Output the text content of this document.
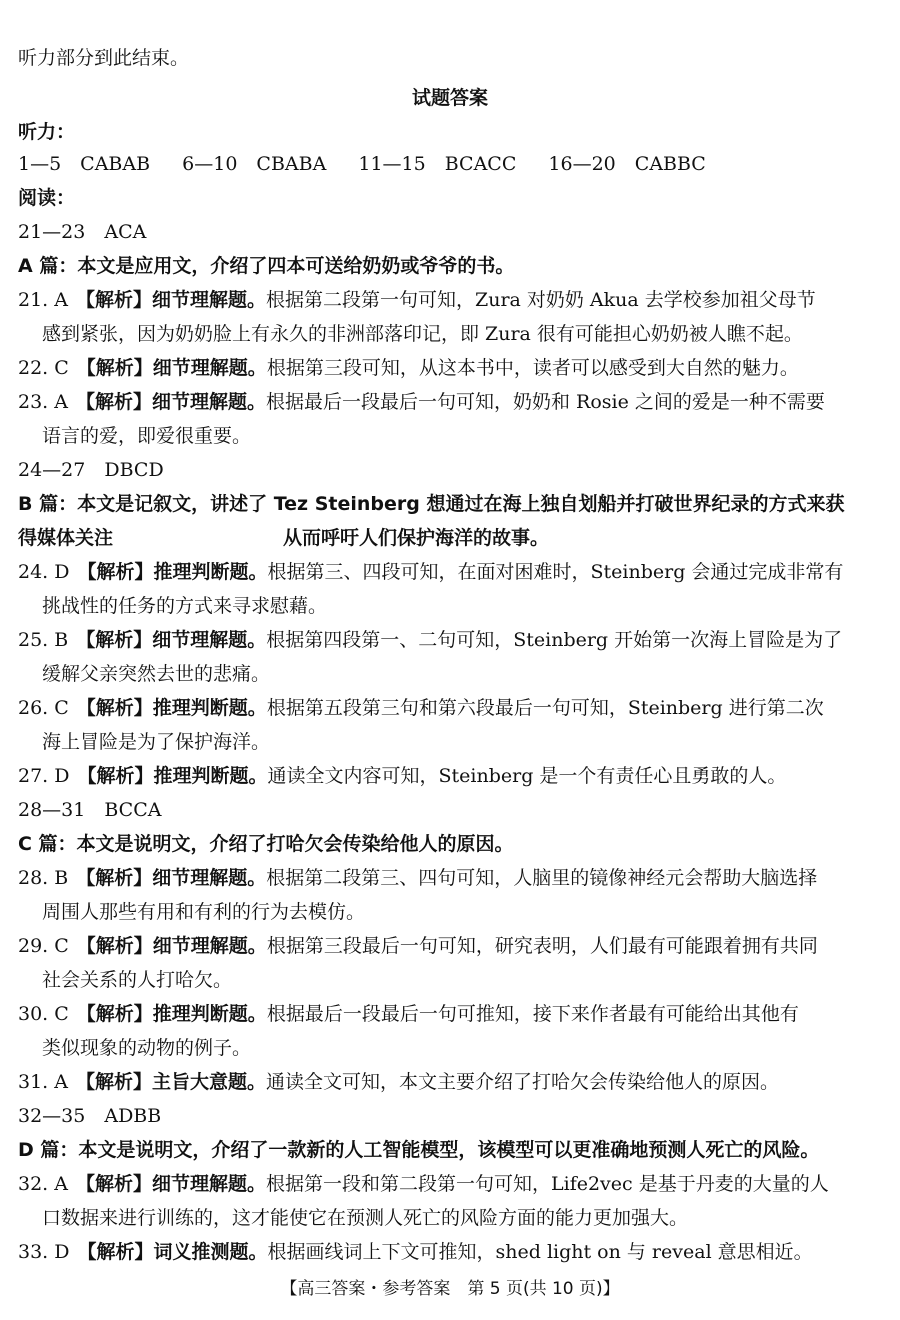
听力部分到此结束。
试题答案
听力：
1—5　CABAB 6—10　CBABA 11—15　BCACC 16—20　CABBC
阅读：
21—23　ACA
A 篇：本文是应用文，介绍了四本可送给奶奶或爷爷的书。
21. A 【解析】细节理解题。根据第二段第一句可知，Zura 对奶奶 Akua 去学校参加祖父母节
感到紧张，因为奶奶脸上有永久的非洲部落印记，即 Zura 很有可能担心奶奶被人瞧不起。
22. C 【解析】细节理解题。根据第三段可知，从这本书中，读者可以感受到大自然的魅力。
23. A 【解析】细节理解题。根据最后一段最后一句可知，奶奶和 Rosie 之间的爱是一种不需要
语言的爱，即爱很重要。
24—27　DBCD
B 篇：本文是记叙文，讲述了 Tez Steinberg 想通过在海上独自划船并打破世界纪录的方式来获
得媒体关注	从而呼吁人们保护海洋的故事。
24. D 【解析】推理判断题。根据第三、四段可知，在面对困难时，Steinberg 会通过完成非常有
挑战性的任务的方式来寻求慰藉。
25. B 【解析】细节理解题。根据第四段第一、二句可知，Steinberg 开始第一次海上冒险是为了
缓解父亲突然去世的悲痛。
26. C 【解析】推理判断题。根据第五段第三句和第六段最后一句可知，Steinberg 进行第二次
海上冒险是为了保护海洋。
27. D 【解析】推理判断题。通读全文内容可知，Steinberg 是一个有责任心且勇敢的人。
28—31　BCCA
C 篇：本文是说明文，介绍了打哈欠会传染给他人的原因。
28. B 【解析】细节理解题。根据第二段第三、四句可知，人脑里的镜像神经元会帮助大脑选择
周围人那些有用和有利的行为去模仿。
29. C 【解析】细节理解题。根据第三段最后一句可知，研究表明，人们最有可能跟着拥有共同
社会关系的人打哈欠。
30. C 【解析】推理判断题。根据最后一段最后一句可推知，接下来作者最有可能给出其他有
类似现象的动物的例子。
31. A 【解析】主旨大意题。通读全文可知，本文主要介绍了打哈欠会传染给他人的原因。
32—35　ADBB
D 篇：本文是说明文，介绍了一款新的人工智能模型，该模型可以更准确地预测人死亡的风险。
32. A 【解析】细节理解题。根据第一段和第二段第一句可知，Life2vec 是基于丹麦的大量的人
口数据来进行训练的，这才能使它在预测人死亡的风险方面的能力更加强大。
33. D 【解析】词义推测题。根据画线词上下文可推知，shed light on 与 reveal 意思相近。
【高三答案・参考答案　第 5 页(共 10 页)】
